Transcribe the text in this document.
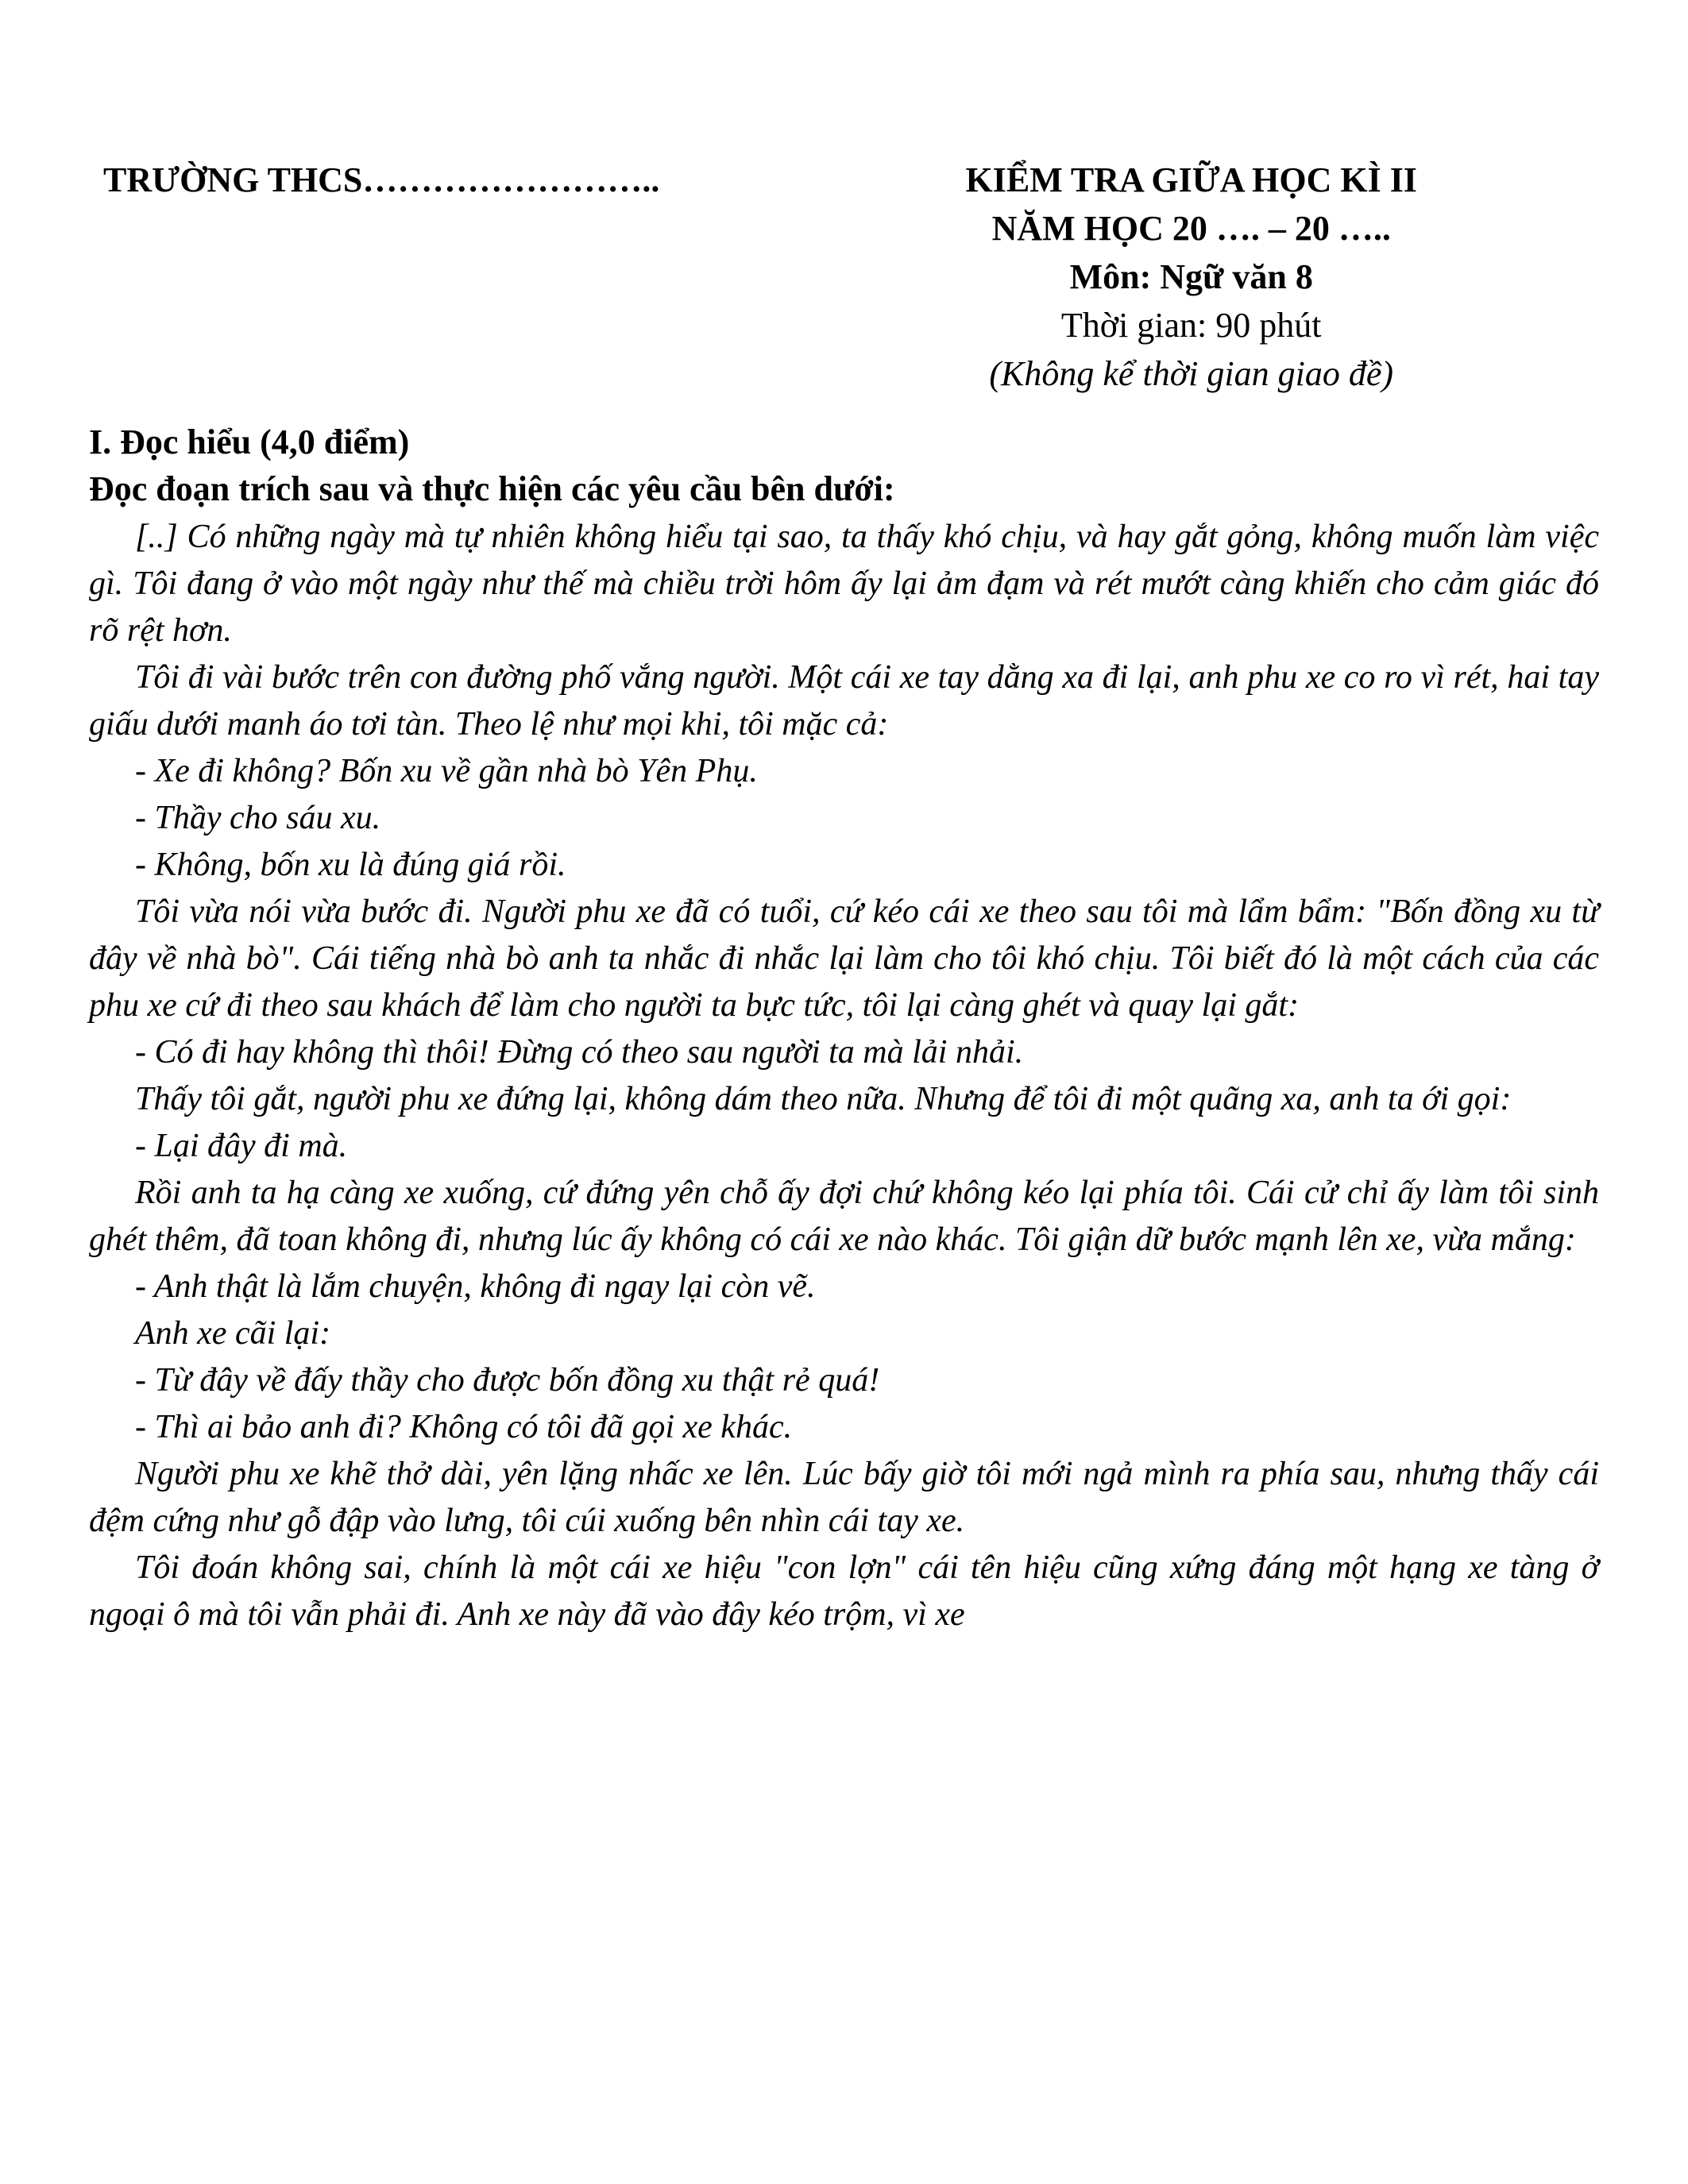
TRƯỜNG THCS……………………..	KIỂM TRA GIỮA HỌC KÌ II
NĂM HỌC 20 …. – 20 …..
Môn: Ngữ văn 8
Thời gian: 90 phút
(Không kể thời gian giao đề)
I. Đọc hiểu (4,0 điểm)
Đọc đoạn trích sau và thực hiện các yêu cầu bên dưới:

[..] Có những ngày mà tự nhiên không hiểu tại sao, ta thấy khó chịu, và hay gắt gỏng, không muốn làm việc gì. Tôi đang ở vào một ngày như thế mà chiều trời hôm ấy lại ảm đạm và rét mướt càng khiến cho cảm giác đó rõ rệt hơn.

Tôi đi vài bước trên con đường phố vắng người. Một cái xe tay dằng xa đi lại, anh phu xe co ro vì rét, hai tay giấu dưới manh áo tơi tàn. Theo lệ như mọi khi, tôi mặc cả:

- Xe đi không? Bốn xu về gần nhà bò Yên Phụ.

- Thầy cho sáu xu.

- Không, bốn xu là đúng giá rồi.

Tôi vừa nói vừa bước đi. Người phu xe đã có tuổi, cứ kéo cái xe theo sau tôi mà lẩm bẩm: "Bốn đồng xu từ đây về nhà bò". Cái tiếng nhà bò anh ta nhắc đi nhắc lại làm cho tôi khó chịu. Tôi biết đó là một cách của các phu xe cứ đi theo sau khách để làm cho người ta bực tức, tôi lại càng ghét và quay lại gắt:

- Có đi hay không thì thôi! Đừng có theo sau người ta mà lải nhải.

Thấy tôi gắt, người phu xe đứng lại, không dám theo nữa. Nhưng để tôi đi một quãng xa, anh ta ới gọi:

- Lại đây đi mà.

Rồi anh ta hạ càng xe xuống, cứ đứng yên chỗ ấy đợi chứ không kéo lại phía tôi. Cái cử chỉ ấy làm tôi sinh ghét thêm, đã toan không đi, nhưng lúc ấy không có cái xe nào khác. Tôi giận dữ bước mạnh lên xe, vừa mắng:

- Anh thật là lắm chuyện, không đi ngay lại còn vẽ.

Anh xe cãi lại:

- Từ đây về đấy thầy cho được bốn đồng xu thật rẻ quá!

- Thì ai bảo anh đi? Không có tôi đã gọi xe khác.

Người phu xe khẽ thở dài, yên lặng nhấc xe lên. Lúc bấy giờ tôi mới ngả mình ra phía sau, nhưng thấy cái đệm cứng như gỗ đập vào lưng, tôi cúi xuống bên nhìn cái tay xe.

Tôi đoán không sai, chính là một cái xe hiệu "con lợn" cái tên hiệu cũng xứng đáng một hạng xe tàng ở ngoại ô mà tôi vẫn phải đi. Anh xe này đã vào đây kéo trộm, vì xe
